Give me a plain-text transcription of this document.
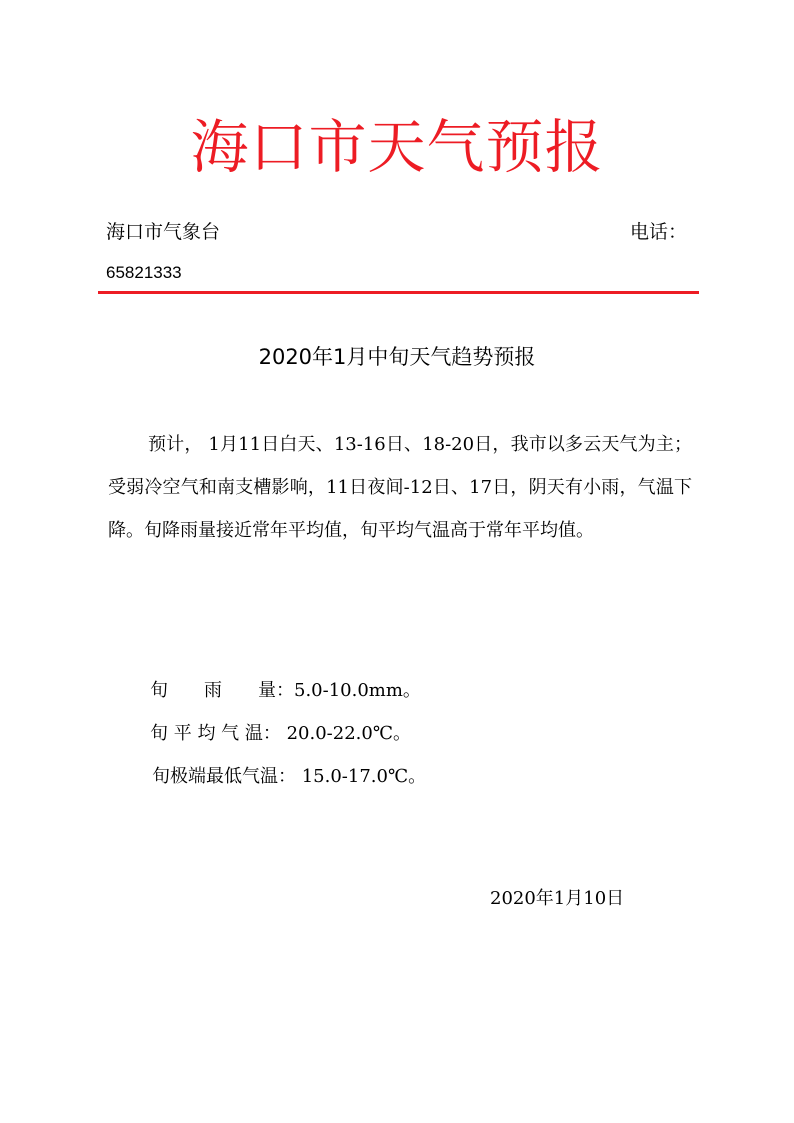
海口市天气预报
海口市气象台	电话：
65821333
2020年1月中旬天气趋势预报
预计， 1月11日白天、13-16日、18-20日，我市以多云天气为主；受弱冷空气和南支槽影响，11日夜间-12日、17日，阴天有小雨，气温下降。旬降雨量接近常年平均值，旬平均气温高于常年平均值。
旬　　雨　　量：5.0-10.0mm。
旬 平 均 气 温： 20.0-22.0℃。
旬极端最低气温： 15.0-17.0℃。
2020年1月10日
